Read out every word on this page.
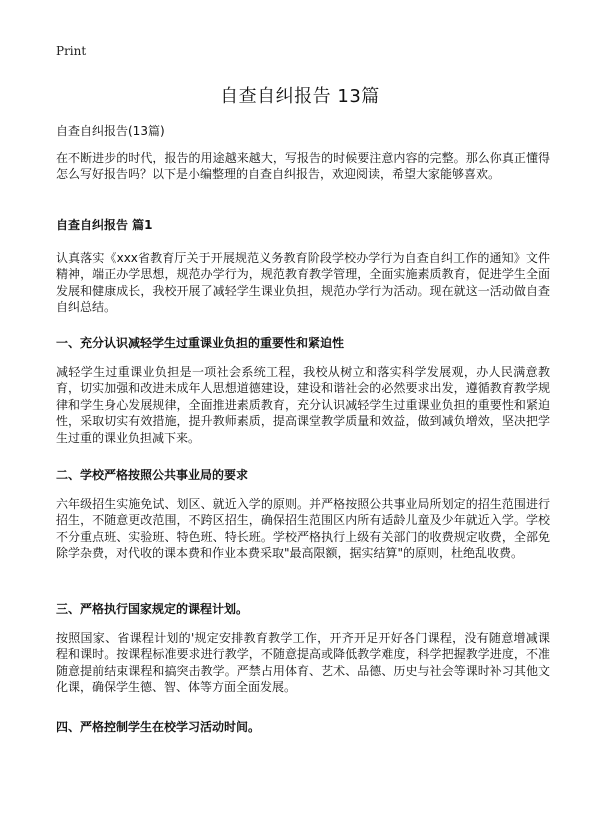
Print
自查自纠报告 13篇
自查自纠报告(13篇)

在不断进步的时代，报告的用途越来越大，写报告的时候要注意内容的完整。那么你真正懂得怎么写好报告吗？以下是小编整理的自查自纠报告，欢迎阅读，希望大家能够喜欢。

自查自纠报告 篇1

认真落实《xxx省教育厅关于开展规范义务教育阶段学校办学行为自查自纠工作的通知》文件精神，端正办学思想，规范办学行为，规范教育教学管理，全面实施素质教育，促进学生全面发展和健康成长，我校开展了减轻学生课业负担，规范办学行为活动。现在就这一活动做自查自纠总结。

一、充分认识减轻学生过重课业负担的重要性和紧迫性

减轻学生过重课业负担是一项社会系统工程，我校从树立和落实科学发展观，办人民满意教育，切实加强和改进未成年人思想道德建设，建设和谐社会的必然要求出发，遵循教育教学规律和学生身心发展规律，全面推进素质教育，充分认识减轻学生过重课业负担的重要性和紧迫性，采取切实有效措施，提升教师素质，提高课堂教学质量和效益，做到减负增效，坚决把学生过重的课业负担减下来。

二、学校严格按照公共事业局的要求

六年级招生实施免试、划区、就近入学的原则。并严格按照公共事业局所划定的招生范围进行招生，不随意更改范围，不跨区招生，确保招生范围区内所有适龄儿童及少年就近入学。学校不分重点班、实验班、特色班、特长班。学校严格执行上级有关部门的收费规定收费，全部免除学杂费，对代收的课本费和作业本费采取"最高限额，据实结算"的原则，杜绝乱收费。

三、严格执行国家规定的课程计划。

按照国家、省课程计划的'规定安排教育教学工作，开齐开足开好各门课程，没有随意增减课程和课时。按课程标准要求进行教学，不随意提高或降低教学难度，科学把握教学进度，不准随意提前结束课程和搞突击教学。严禁占用体育、艺术、品德、历史与社会等课时补习其他文化课，确保学生德、智、体等方面全面发展。

四、严格控制学生在校学习活动时间。
